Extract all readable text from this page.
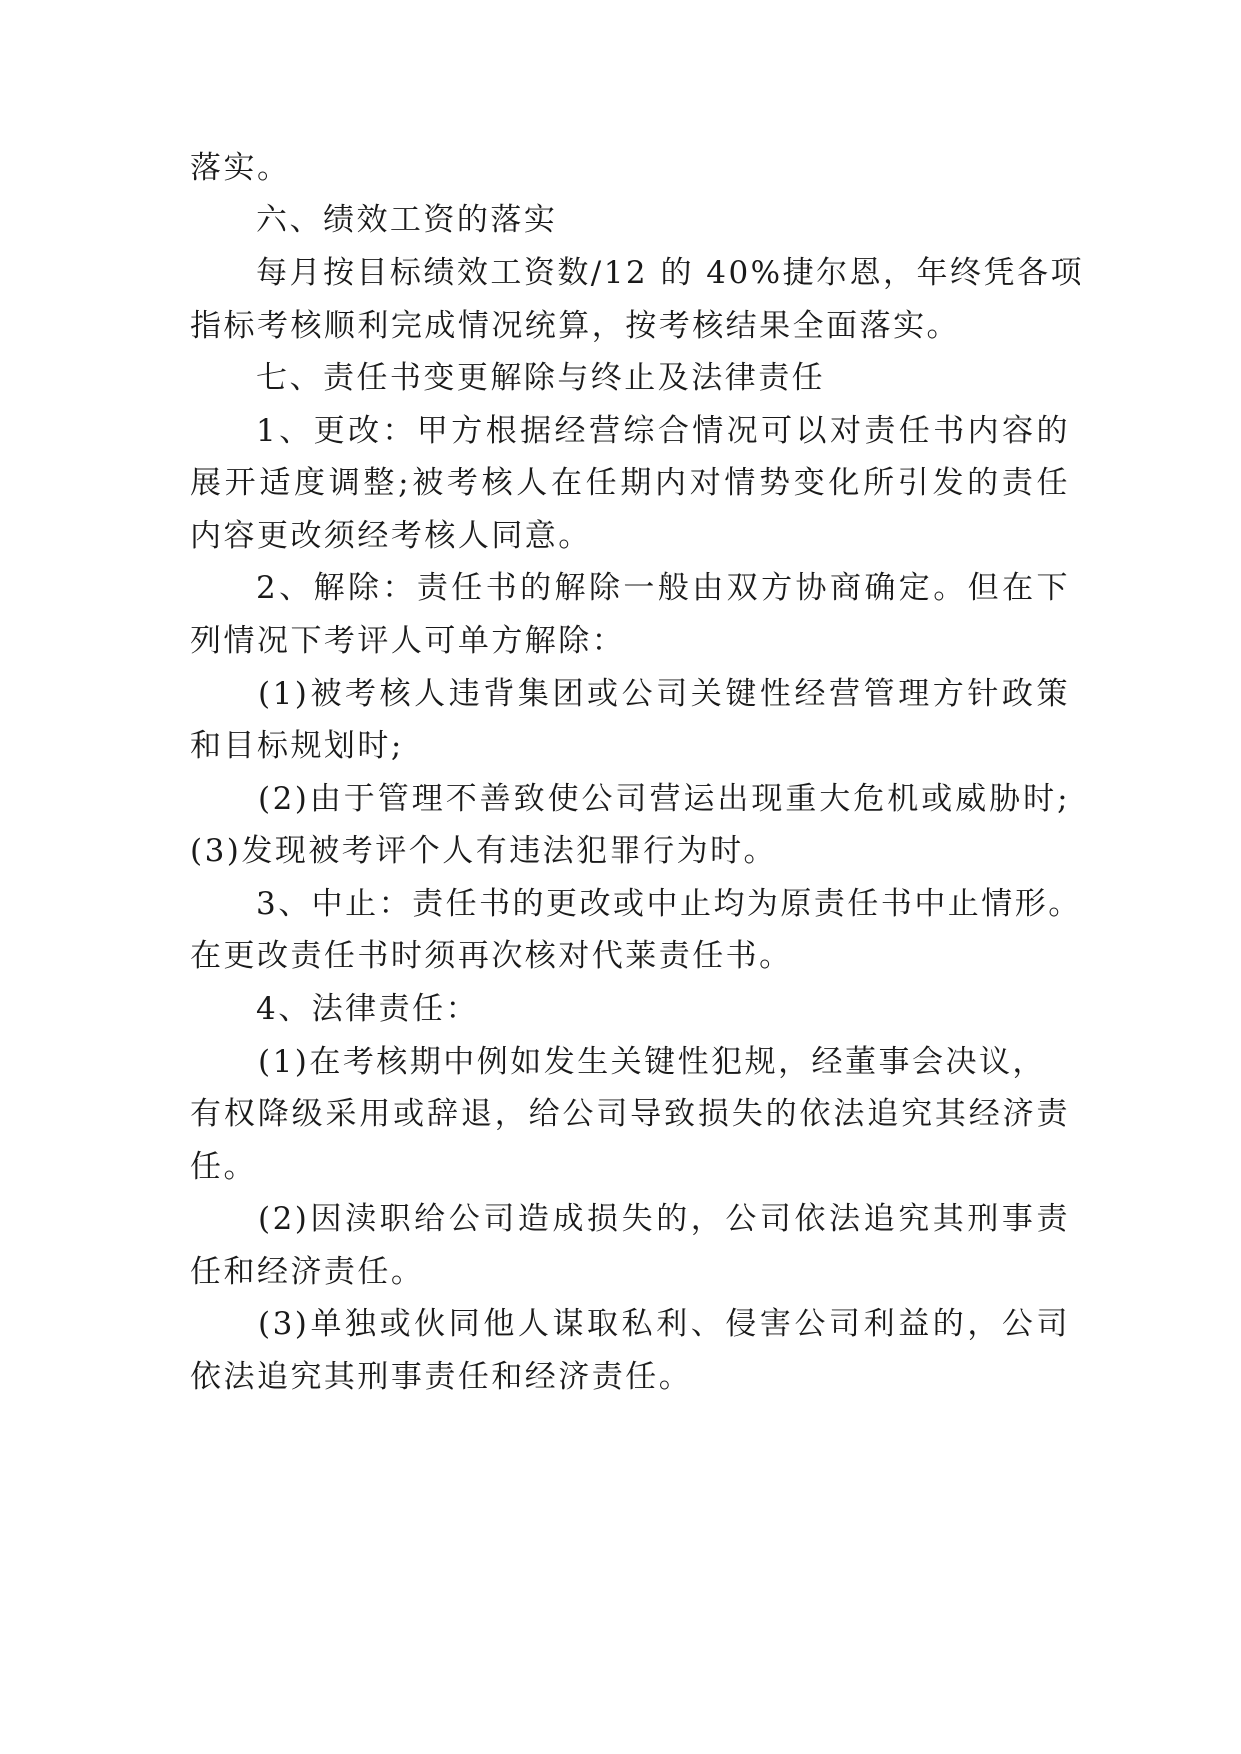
落实。
六、绩效工资的落实
每月按目标绩效工资数/12 的 40%捷尔恩，年终凭各项
指标考核顺利完成情况统算，按考核结果全面落实。
七、责任书变更解除与终止及法律责任
1、更改：甲方根据经营综合情况可以对责任书内容的
展开适度调整;被考核人在任期内对情势变化所引发的责任
内容更改须经考核人同意。
2、解除：责任书的解除一般由双方协商确定。但在下
列情况下考评人可单方解除：
(1)被考核人违背集团或公司关键性经营管理方针政策
和目标规划时;
(2)由于管理不善致使公司营运出现重大危机或威胁时;
(3)发现被考评个人有违法犯罪行为时。
3、中止：责任书的更改或中止均为原责任书中止情形。
在更改责任书时须再次核对代莱责任书。
4、法律责任：
(1)在考核期中例如发生关键性犯规，经董事会决议，
有权降级采用或辞退，给公司导致损失的依法追究其经济责
任。
(2)因渎职给公司造成损失的，公司依法追究其刑事责
任和经济责任。
(3)单独或伙同他人谋取私利、侵害公司利益的，公司
依法追究其刑事责任和经济责任。
